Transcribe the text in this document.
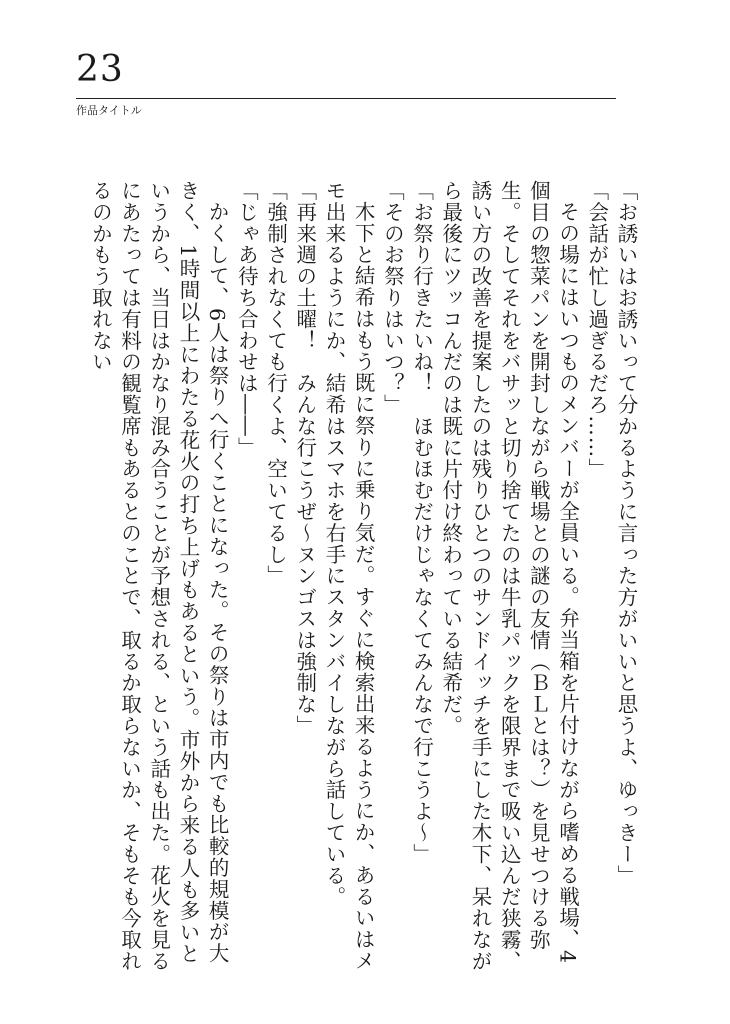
23
作品タイトル

「お誘いはお誘いって分かるように言った方がいいと思うよ、ゆっきー」

「会話が忙し過ぎるだろ……」

その場にはいつものメンバーが全員いる。弁当箱を片付けながら嗜める戦場、4個目の惣菜パンを開封しながら戦場との謎の友情（ＢＬとは？）を見せつける弥生。そしてそれをバサッと切り捨てたのは牛乳パックを限界まで吸い込んだ狭霧、誘い方の改善を提案したのは残りひとつのサンドイッチを手にした木下、呆れながら最後にツッコんだのは既に片付け終わっている結希だ。

「お祭り行きたいね！　ほむほむだけじゃなくてみんなで行こうよ～」

「そのお祭りはいつ？」

木下と結希はもう既に祭りに乗り気だ。すぐに検索出来るようにか、あるいはメモ出来るようにか、結希はスマホを右手にスタンバイしながら話している。

「再来週の土曜！　みんな行こうぜ～ヌンゴスは強制な」

「強制されなくても行くよ、空いてるし」

「じゃあ待ち合わせは――」

かくして、6人は祭りへ行くことになった。その祭りは市内でも比較的規模が大きく、1時間以上にわたる花火の打ち上げもあるという。市外から来る人も多いというから、当日はかなり混み合うことが予想される、という話も出た。花火を見るにあたっては有料の観覧席もあるとのことで、取るか取らないか、そもそも今取れるのかもう取れない
